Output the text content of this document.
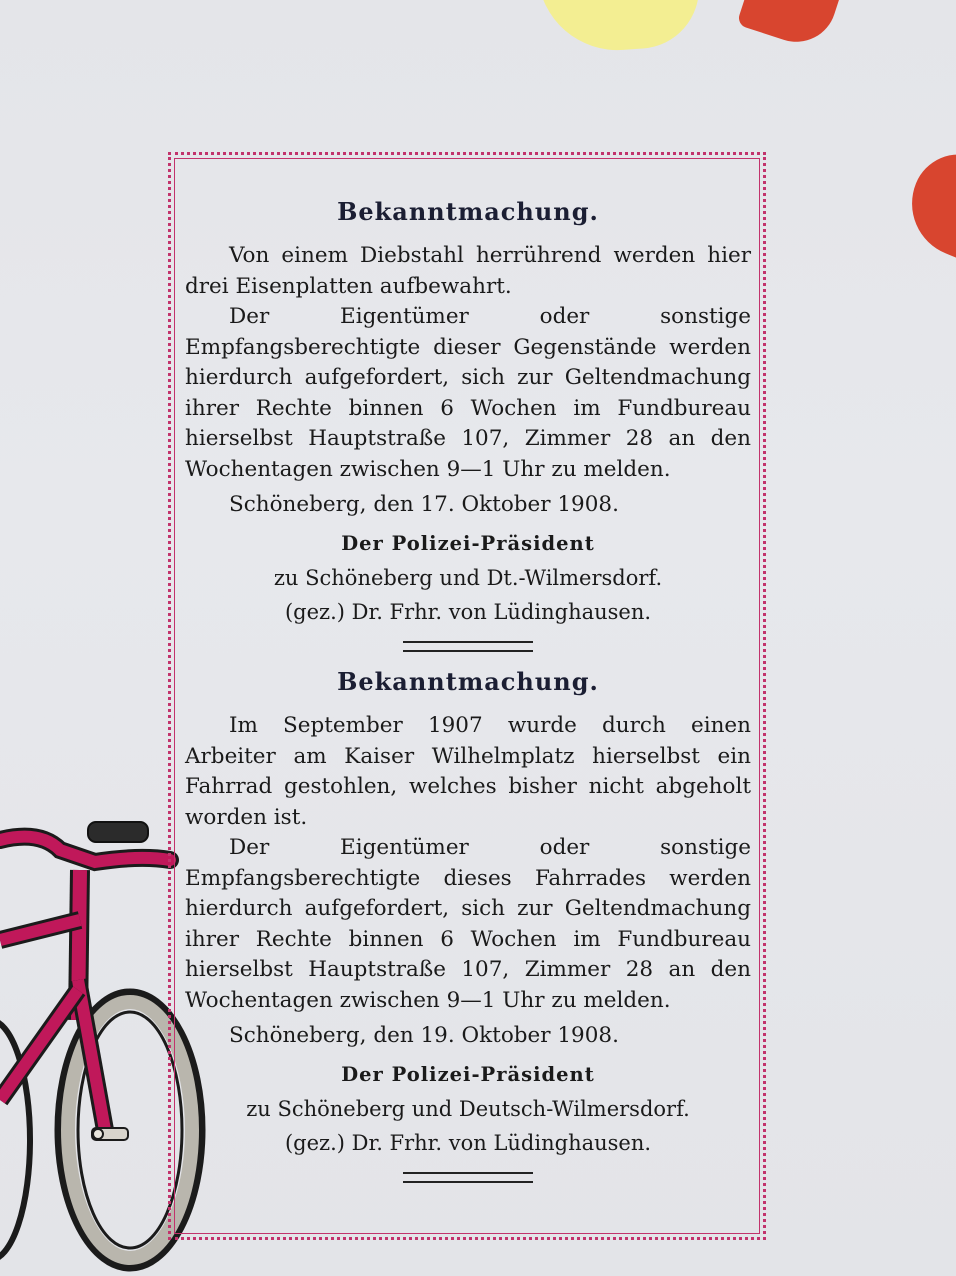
Bekanntmachung.

Von einem Diebstahl herrührend werden hier drei Eisenplatten aufbewahrt.

Der Eigentümer oder sonstige Empfangsberechtigte dieser Gegenstände werden hierdurch aufgefordert, sich zur Geltendmachung ihrer Rechte binnen 6 Wochen im Fundbureau hierselbst Hauptstraße 107, Zimmer 28 an den Wochentagen zwischen 9—1 Uhr zu melden.

Schöneberg, den 17. Oktober 1908.

Der Polizei-Präsident

zu Schöneberg und Dt.-Wilmersdorf.

(gez.) Dr. Frhr. von Lüdinghausen.

Bekanntmachung.

Im September 1907 wurde durch einen Arbeiter am Kaiser Wilhelmplatz hierselbst ein Fahrrad gestohlen, welches bisher nicht abgeholt worden ist.

Der Eigentümer oder sonstige Empfangsberechtigte dieses Fahrrades werden hierdurch aufgefordert, sich zur Geltendmachung ihrer Rechte binnen 6 Wochen im Fundbureau hierselbst Hauptstraße 107, Zimmer 28 an den Wochentagen zwischen 9—1 Uhr zu melden.

Schöneberg, den 19. Oktober 1908.

Der Polizei-Präsident

zu Schöneberg und Deutsch-Wilmersdorf.

(gez.) Dr. Frhr. von Lüdinghausen.
